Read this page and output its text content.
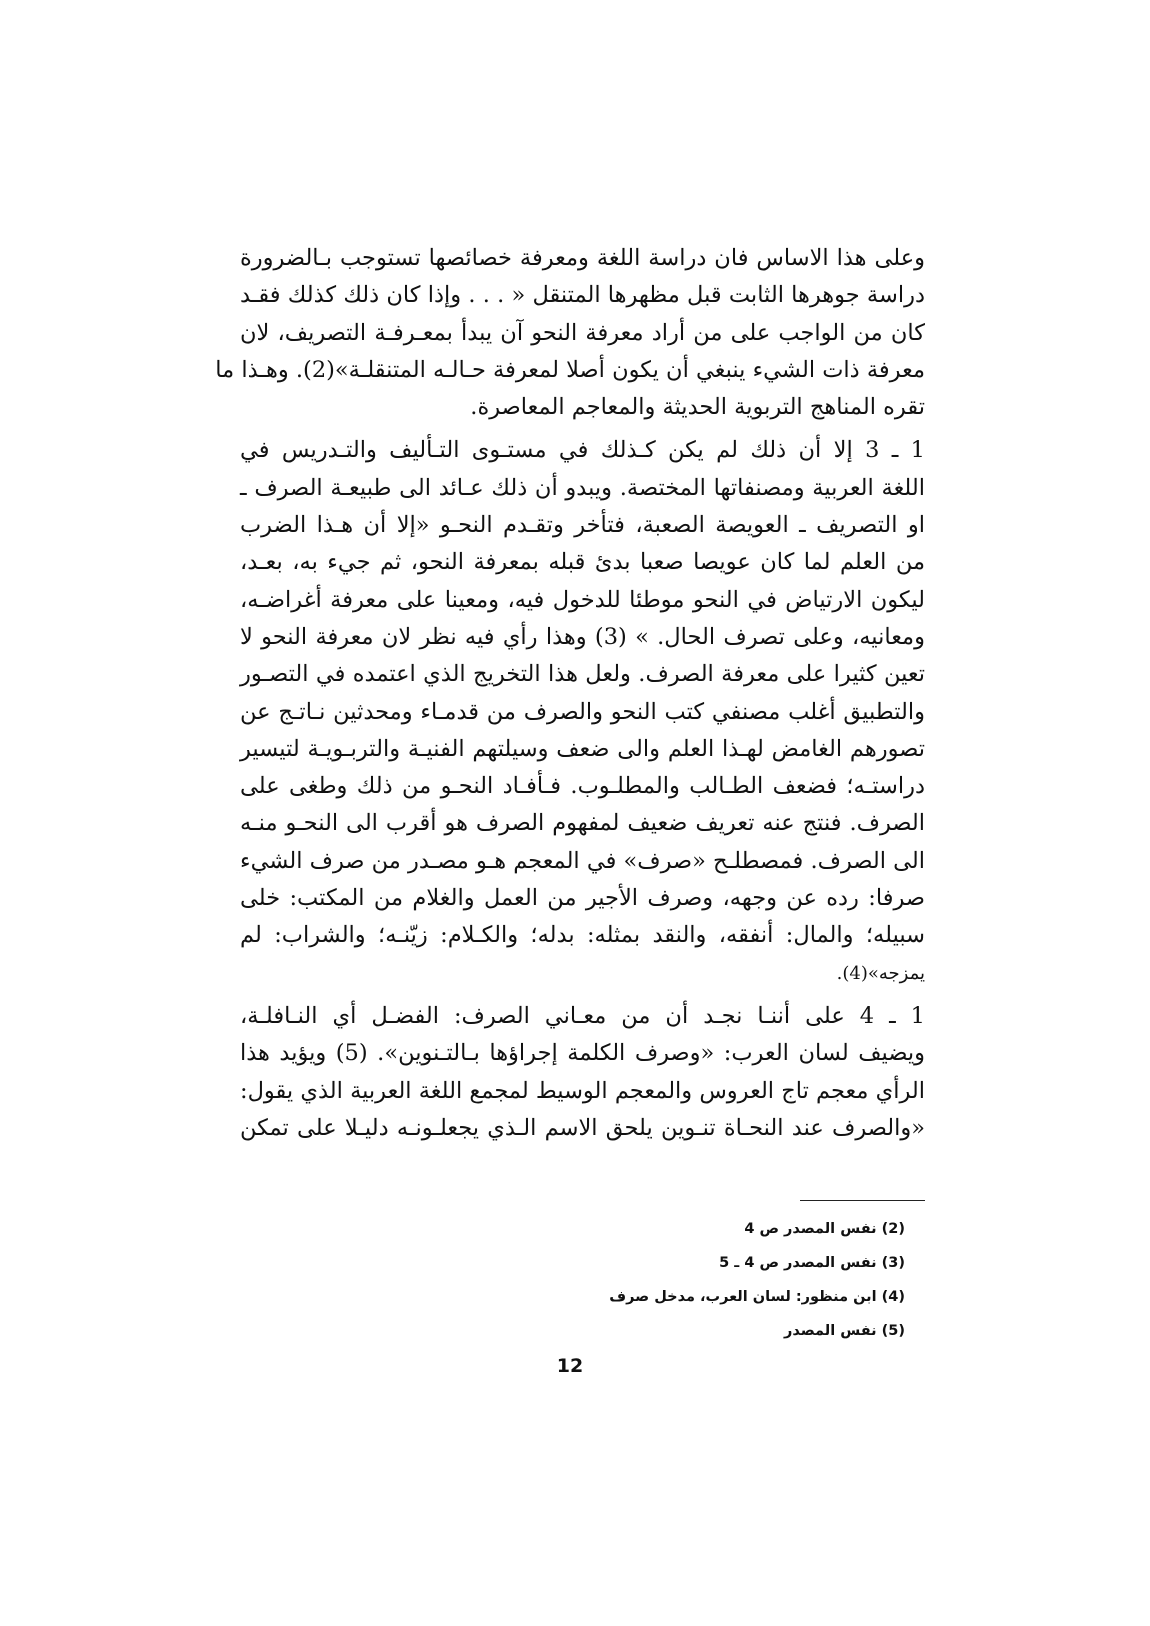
وعلى هذا الاساس فان دراسة اللغة ومعرفة خصائصها تستوجب بـالضرورة
دراسة جوهرها الثابت قبل مظهرها المتنقل « . . . وإذا كان ذلك كذلك فقـد
كان من الواجب على من أراد معرفة النحو آن يبدأ بمعـرفـة التصريف، لان
معرفة ذات الشيء ينبغي أن يكون أصلا لمعرفة حـالـه المتنقلـة»(2). وهـذا ما
تقره المناهج التربوية الحديثة والمعاجم المعاصرة.
1 ـ 3 إلا أن ذلك لم يكن كـذلك في مستـوى التـأليف والتـدريس في
اللغة العربية ومصنفاتها المختصة. ويبدو أن ذلك عـائد الى طبيعـة الصرف ـ
او التصريف ـ العويصة الصعبة، فتأخر وتقـدم النحـو «إلا أن هـذا الضرب
من العلم لما كان عويصا صعبا بدئ قبله بمعرفة النحو، ثم جيء به، بعـد،
ليكون الارتياض في النحو موطئا للدخول فيه، ومعينا على معرفة أغراضـه،
ومعانيه، وعلى تصرف الحال. » (3) وهذا رأي فيه نظر لان معرفة النحو لا
تعين كثيرا على معرفة الصرف. ولعل هذا التخريج الذي اعتمده في التصـور
والتطبيق أغلب مصنفي كتب النحو والصرف من قدمـاء ومحدثين نـاتـج عن
تصورهم الغامض لهـذا العلم والى ضعف وسيلتهم الفنيـة والتربـويـة لتيسير
دراستـه؛ فضعف الطـالب والمطلـوب. فـأفـاد النحـو من ذلك وطغى على
الصرف. فنتج عنه تعريف ضعيف لمفهوم الصرف هو أقرب الى النحـو منـه
الى الصرف. فمصطلـح «صرف» في المعجم هـو مصـدر من صرف الشيء
صرفا: رده عن وجهه، وصرف الأجير من العمل والغلام من المكتب: خلى
سبيله؛ والمال: أنفقه، والنقد بمثله: بدله؛ والكـلام: زيّنـه؛ والشراب: لم
يمزجه»(4).
1 ـ 4 على أننـا نجـد أن من معـاني الصرف: الفضـل أي النـافلـة،
ويضيف لسان العرب: «وصرف الكلمة إجراؤها بـالتـنوين». (5) ويؤيد هذا
الرأي معجم تاج العروس والمعجم الوسيط لمجمع اللغة العربية الذي يقول:
«والصرف عند النحـاة تنـوين يلحق الاسم الـذي يجعلـونـه دليـلا على تمكن
(2) نفس المصدر ص 4
(3) نفس المصدر ص 4 ـ 5
(4) ابن منظور: لسان العرب، مدخل صرف
(5) نفس المصدر
12
